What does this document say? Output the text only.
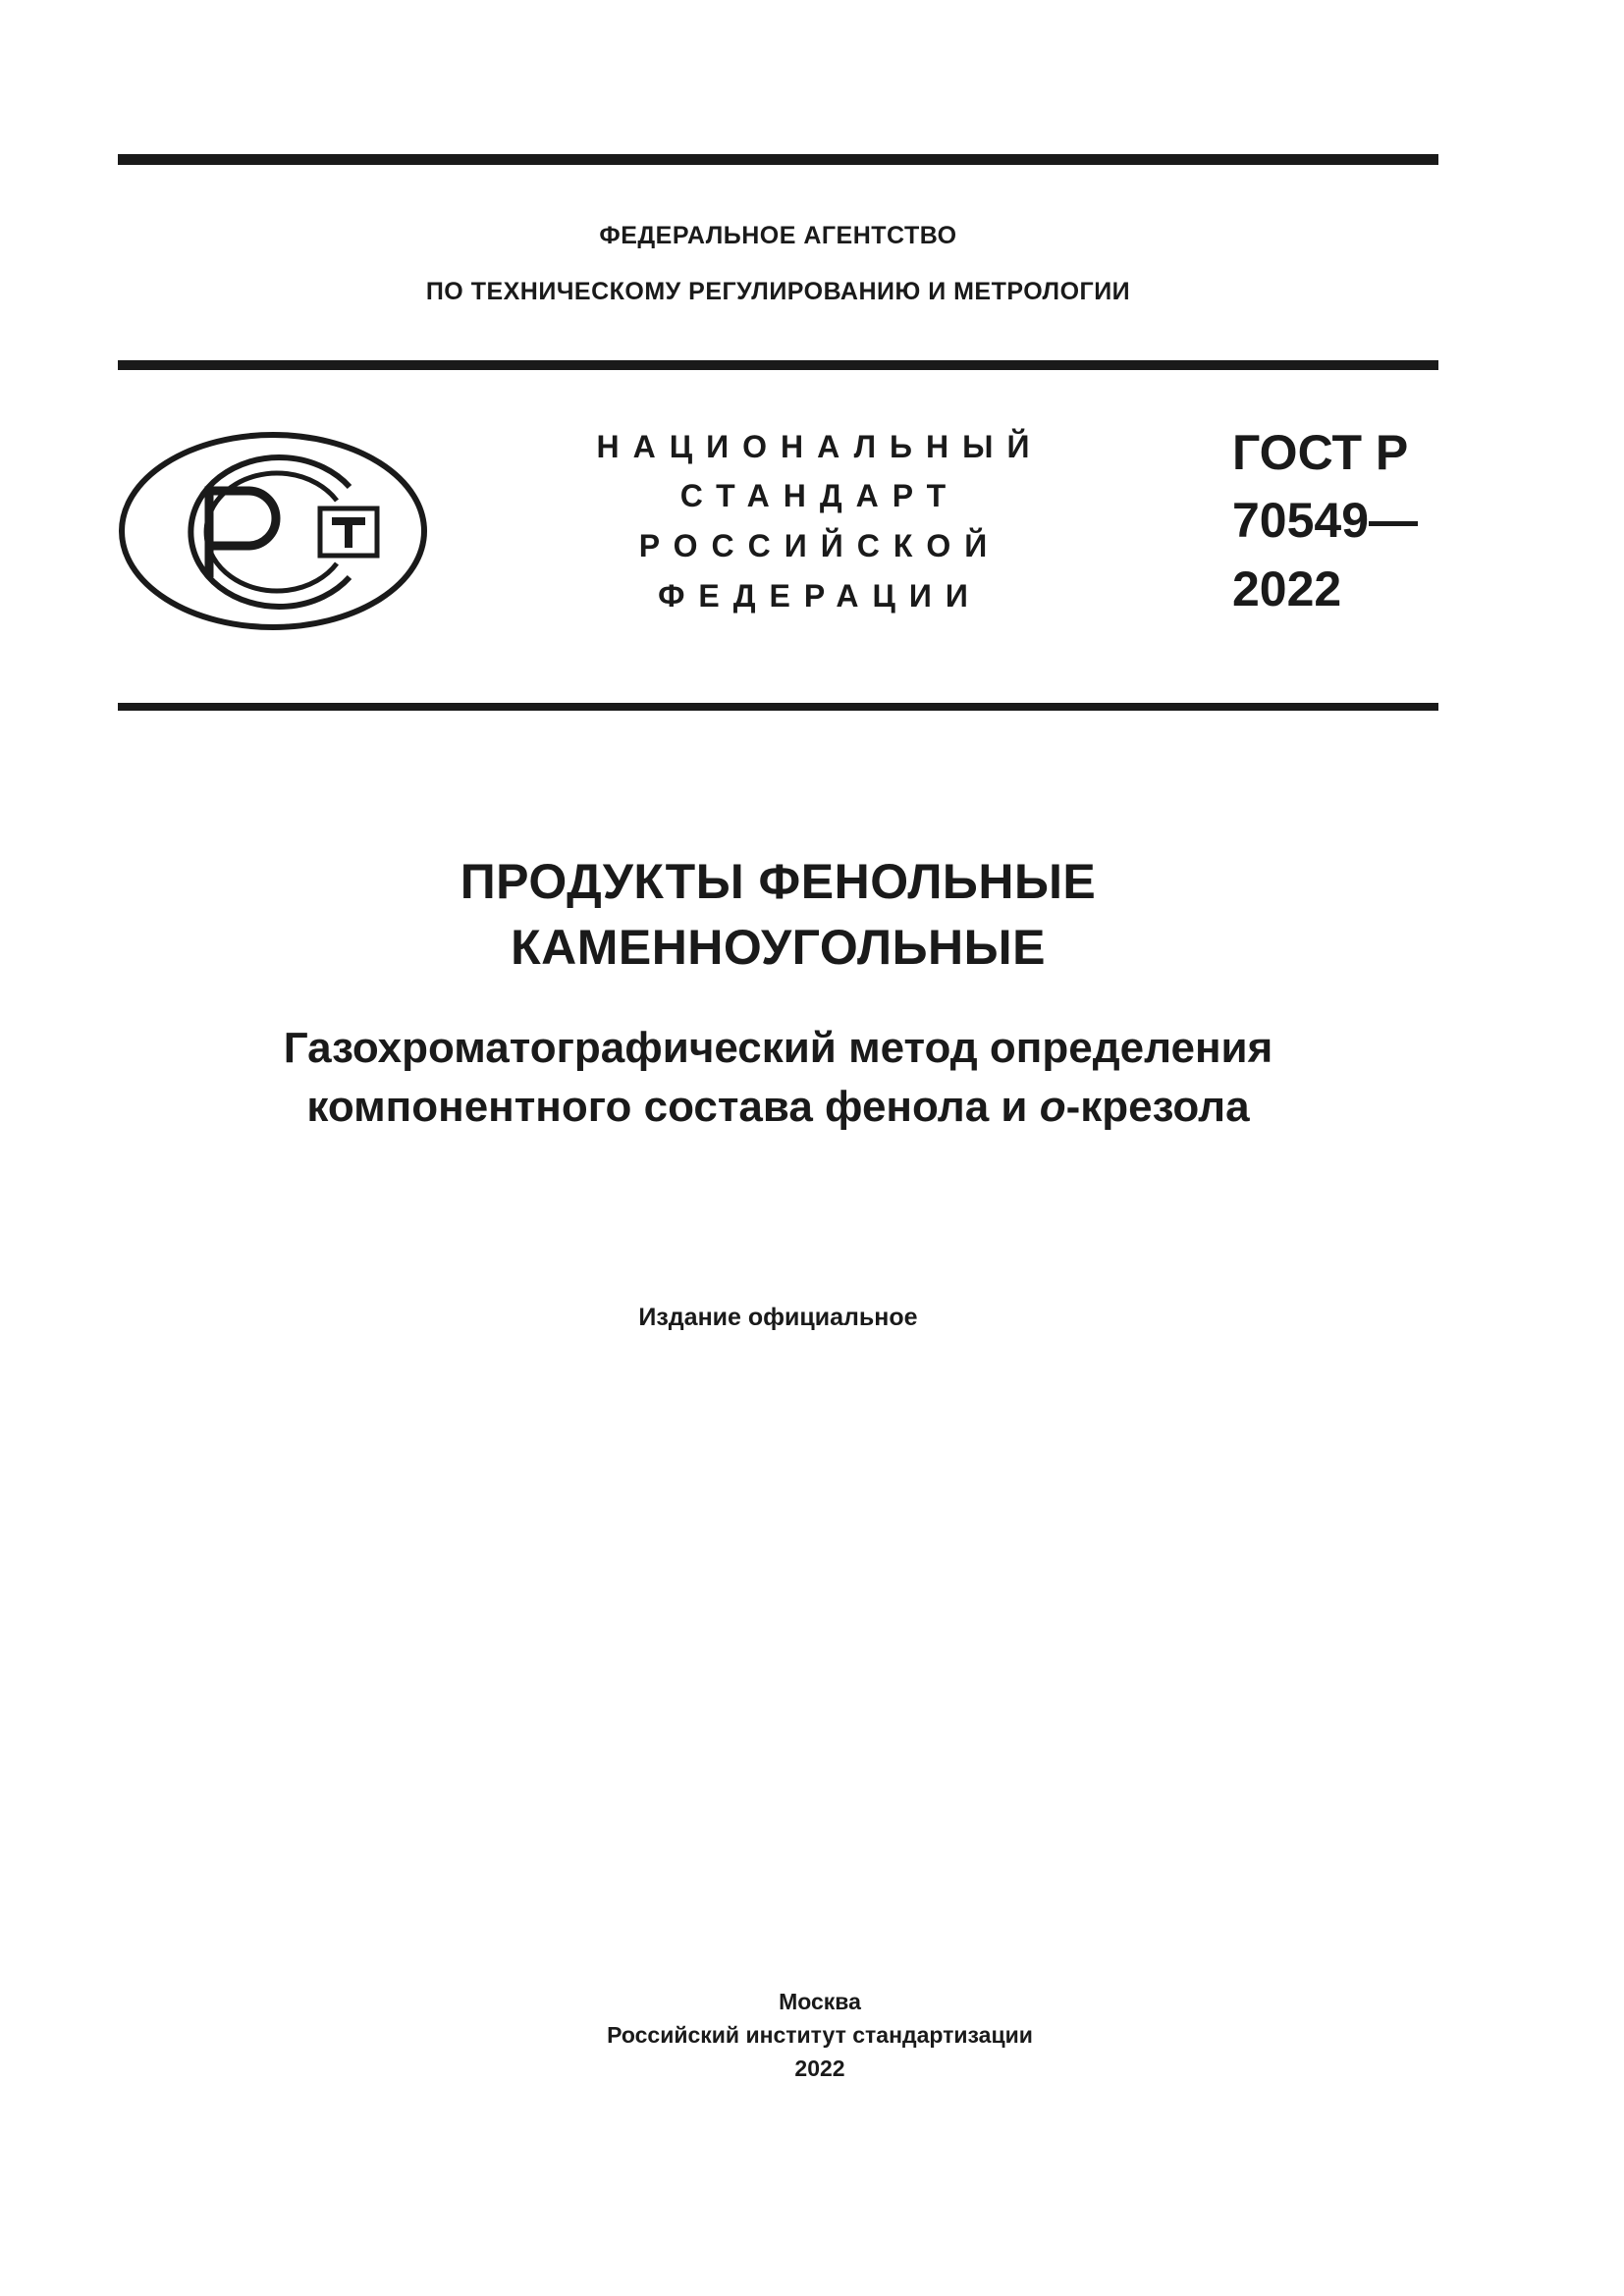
ФЕДЕРАЛЬНОЕ АГЕНТСТВО

ПО ТЕХНИЧЕСКОМУ РЕГУЛИРОВАНИЮ И МЕТРОЛОГИИ

НАЦИОНАЛЬНЫЙ

СТАНДАРТ

РОССИЙСКОЙ

ФЕДЕРАЦИИ

ГОСТ Р

70549—

2022

ПРОДУКТЫ ФЕНОЛЬНЫЕ

КАМЕННОУГОЛЬНЫЕ

Газохроматографический метод определения

компонентного состава фенола и о-крезола

Издание официальное

Москва

Российский институт стандартизации

2022
